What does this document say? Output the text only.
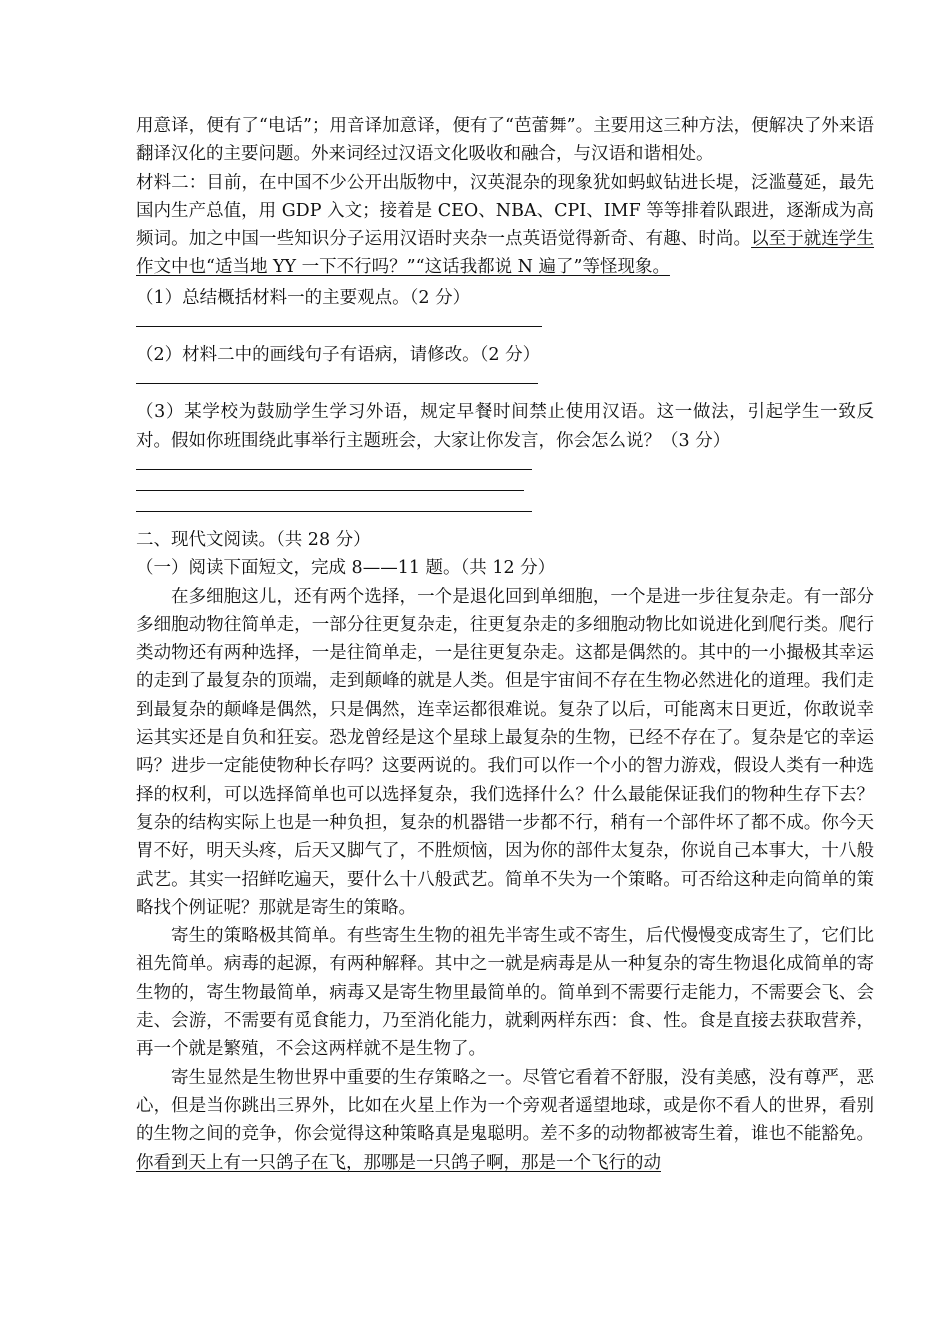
用意译，便有了“电话”；用音译加意译，便有了“芭蕾舞”。主要用这三种方法，便解决了外来语翻译汉化的主要问题。外来词经过汉语文化吸收和融合，与汉语和谐相处。

材料二：目前，在中国不少公开出版物中，汉英混杂的现象犹如蚂蚁钻进长堤，泛滥蔓延，最先国内生产总值，用 GDP 入文；接着是 CEO、NBA、CPI、IMF 等等排着队跟进，逐渐成为高频词。加之中国一些知识分子运用汉语时夹杂一点英语觉得新奇、有趣、时尚。以至于就连学生作文中也“适当地 YY 一下不行吗？”“这话我都说 N 遍了”等怪现象。

（1）总结概括材料一的主要观点。（2 分）

（2）材料二中的画线句子有语病，请修改。（2 分）

（3）某学校为鼓励学生学习外语，规定早餐时间禁止使用汉语。这一做法，引起学生一致反对。假如你班围绕此事举行主题班会，大家让你发言，你会怎么说？（3 分）

二、现代文阅读。（共 28 分）

（一）阅读下面短文，完成 8——11 题。（共 12 分）

在多细胞这儿，还有两个选择，一个是退化回到单细胞，一个是进一步往复杂走。有一部分多细胞动物往简单走，一部分往更复杂走，往更复杂走的多细胞动物比如说进化到爬行类。爬行类动物还有两种选择，一是往简单走，一是往更复杂走。这都是偶然的。其中的一小撮极其幸运的走到了最复杂的顶端，走到颠峰的就是人类。但是宇宙间不存在生物必然进化的道理。我们走到最复杂的颠峰是偶然，只是偶然，连幸运都很难说。复杂了以后，可能离末日更近，你敢说幸运其实还是自负和狂妄。恐龙曾经是这个星球上最复杂的生物，已经不存在了。复杂是它的幸运吗？进步一定能使物种长存吗？这要两说的。我们可以作一个小的智力游戏，假设人类有一种选择的权利，可以选择简单也可以选择复杂，我们选择什么？什么最能保证我们的物种生存下去？复杂的结构实际上也是一种负担，复杂的机器错一步都不行，稍有一个部件坏了都不成。你今天胃不好，明天头疼，后天又脚气了，不胜烦恼，因为你的部件太复杂，你说自己本事大，十八般武艺。其实一招鲜吃遍天，要什么十八般武艺。简单不失为一个策略。可否给这种走向简单的策略找个例证呢？那就是寄生的策略。

寄生的策略极其简单。有些寄生生物的祖先半寄生或不寄生，后代慢慢变成寄生了，它们比祖先简单。病毒的起源，有两种解释。其中之一就是病毒是从一种复杂的寄生物退化成简单的寄生物的，寄生物最简单，病毒又是寄生物里最简单的。简单到不需要行走能力，不需要会飞、会走、会游，不需要有觅食能力，乃至消化能力，就剩两样东西：食、性。食是直接去获取营养，再一个就是繁殖，不会这两样就不是生物了。

寄生显然是生物世界中重要的生存策略之一。尽管它看着不舒服，没有美感，没有尊严，恶心，但是当你跳出三界外，比如在火星上作为一个旁观者遥望地球，或是你不看人的世界，看别的生物之间的竞争，你会觉得这种策略真是鬼聪明。差不多的动物都被寄生着，谁也不能豁免。你看到天上有一只鸽子在飞，那哪是一只鸽子啊，那是一个飞行的动
